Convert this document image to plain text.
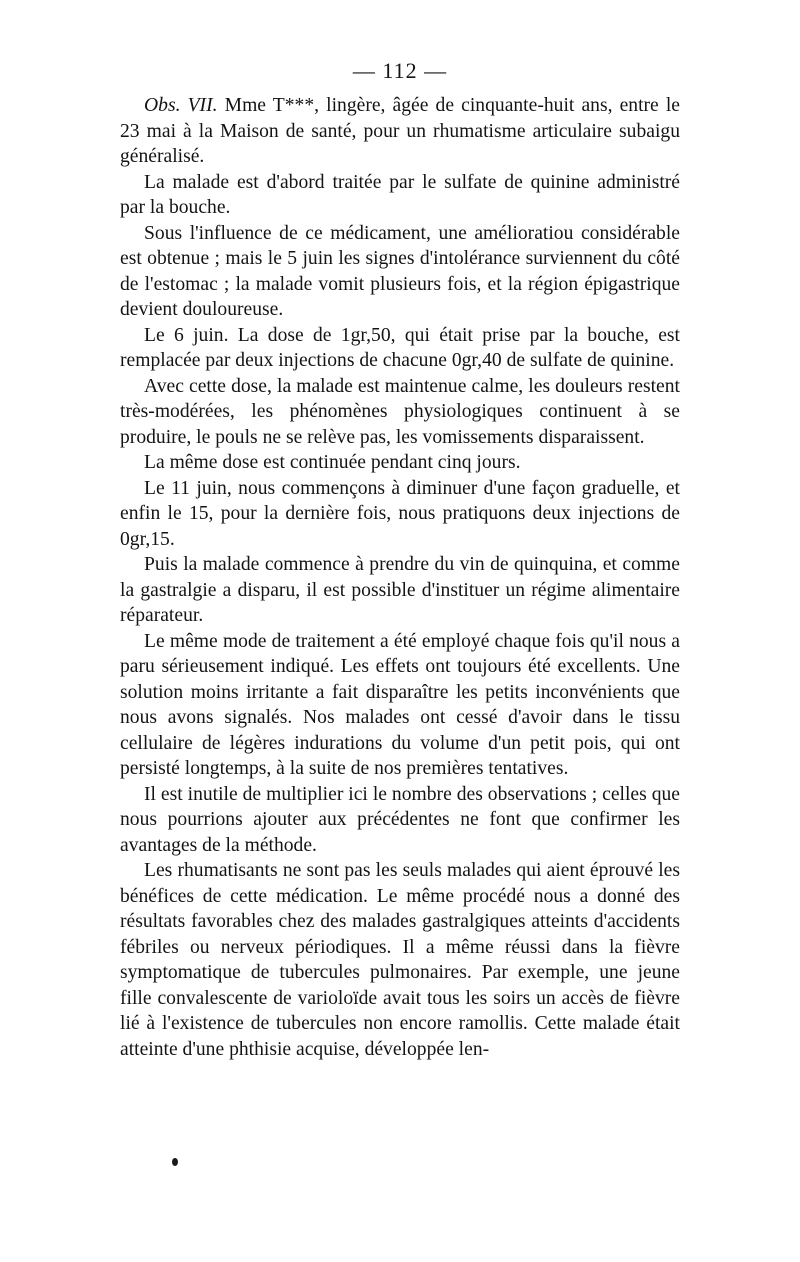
— 112 —

Obs. VII. Mme T***, lingère, âgée de cinquante-huit ans, entre le 23 mai à la Maison de santé, pour un rhumatisme articulaire subaigu généralisé.

La malade est d'abord traitée par le sulfate de quinine administré par la bouche.

Sous l'influence de ce médicament, une amélioratiou considérable est obtenue ; mais le 5 juin les signes d'intolérance surviennent du côté de l'estomac ; la malade vomit plusieurs fois, et la région épigastrique devient douloureuse.

Le 6 juin. La dose de 1gr,50, qui était prise par la bouche, est remplacée par deux injections de chacune 0gr,40 de sulfate de quinine.

Avec cette dose, la malade est maintenue calme, les douleurs restent très-modérées, les phénomènes physiologiques continuent à se produire, le pouls ne se relève pas, les vomissements disparaissent.

La même dose est continuée pendant cinq jours.

Le 11 juin, nous commençons à diminuer d'une façon graduelle, et enfin le 15, pour la dernière fois, nous pratiquons deux injections de 0gr,15.

Puis la malade commence à prendre du vin de quinquina, et comme la gastralgie a disparu, il est possible d'instituer un régime alimentaire réparateur.

Le même mode de traitement a été employé chaque fois qu'il nous a paru sérieusement indiqué. Les effets ont toujours été excellents. Une solution moins irritante a fait disparaître les petits inconvénients que nous avons signalés. Nos malades ont cessé d'avoir dans le tissu cellulaire de légères indurations du volume d'un petit pois, qui ont persisté longtemps, à la suite de nos premières tentatives.

Il est inutile de multiplier ici le nombre des observations ; celles que nous pourrions ajouter aux précédentes ne font que confirmer les avantages de la méthode.

Les rhumatisants ne sont pas les seuls malades qui aient éprouvé les bénéfices de cette médication. Le même procédé nous a donné des résultats favorables chez des malades gastralgiques atteints d'accidents fébriles ou nerveux périodiques. Il a même réussi dans la fièvre symptomatique de tubercules pulmonaires. Par exemple, une jeune fille convalescente de varioloïde avait tous les soirs un accès de fièvre lié à l'existence de tubercules non encore ramollis. Cette malade était atteinte d'une phthisie acquise, développée len-
